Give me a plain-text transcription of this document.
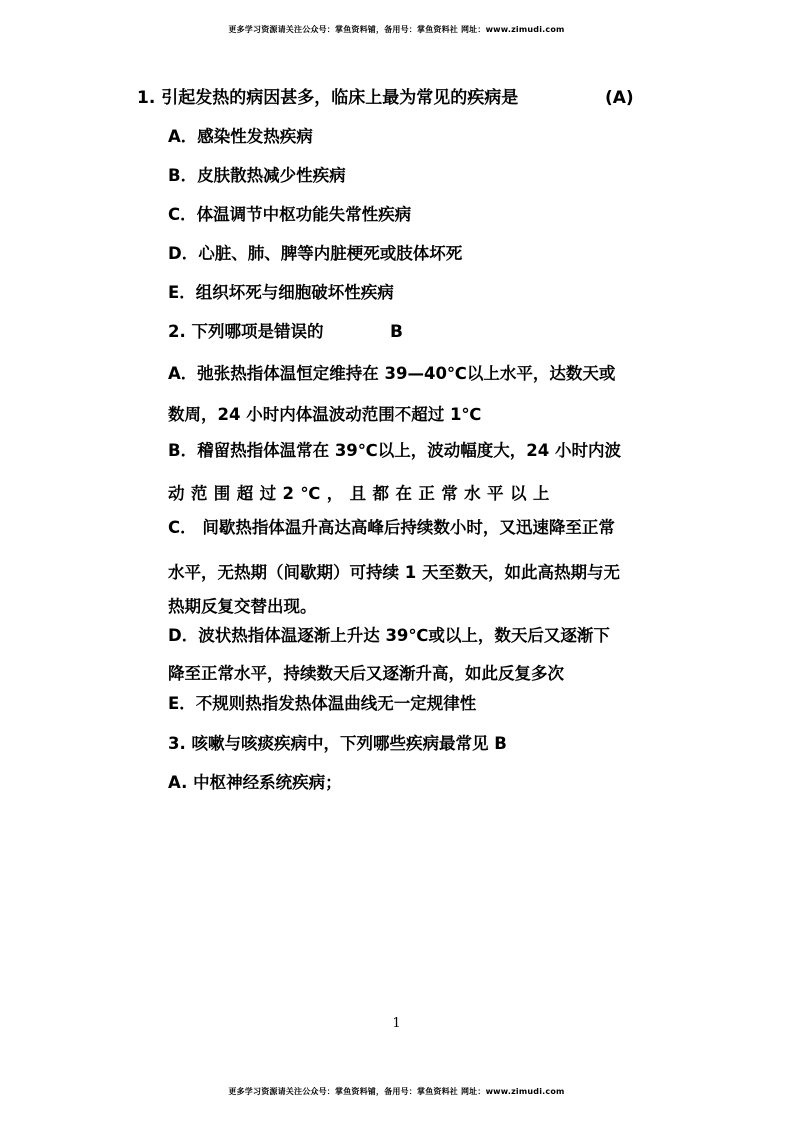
更多学习资源请关注公众号：掌鱼资料铺，备用号：掌鱼资料社 网址：www.zimudi.com
1. 引起发热的病因甚多，临床上最为常见的疾病是	(A)
A．感染性发热疾病
B．皮肤散热减少性疾病
C．体温调节中枢功能失常性疾病
D．心脏、肺、脾等内脏梗死或肢体坏死
E．组织坏死与细胞破坏性疾病
2. 下列哪项是错误的	B
A．弛张热指体温恒定维持在 39—40℃以上水平，达数天或
数周，24 小时内体温波动范围不超过 1℃
B．稽留热指体温常在 39℃以上，波动幅度大，24 小时内波
动范围超过2℃，且都在正常水平以上
C． 间歇热指体温升高达高峰后持续数小时，又迅速降至正常
水平，无热期（间歇期）可持续 1 天至数天，如此高热期与无
热期反复交替出现。
D．波状热指体温逐渐上升达 39℃或以上，数天后又逐渐下
降至正常水平，持续数天后又逐渐升高，如此反复多次
E．不规则热指发热体温曲线无一定规律性
3. 咳嗽与咳痰疾病中，下列哪些疾病最常见 B
A. 中枢神经系统疾病；
1
更多学习资源请关注公众号：掌鱼资料铺，备用号：掌鱼资料社 网址：www.zimudi.com
